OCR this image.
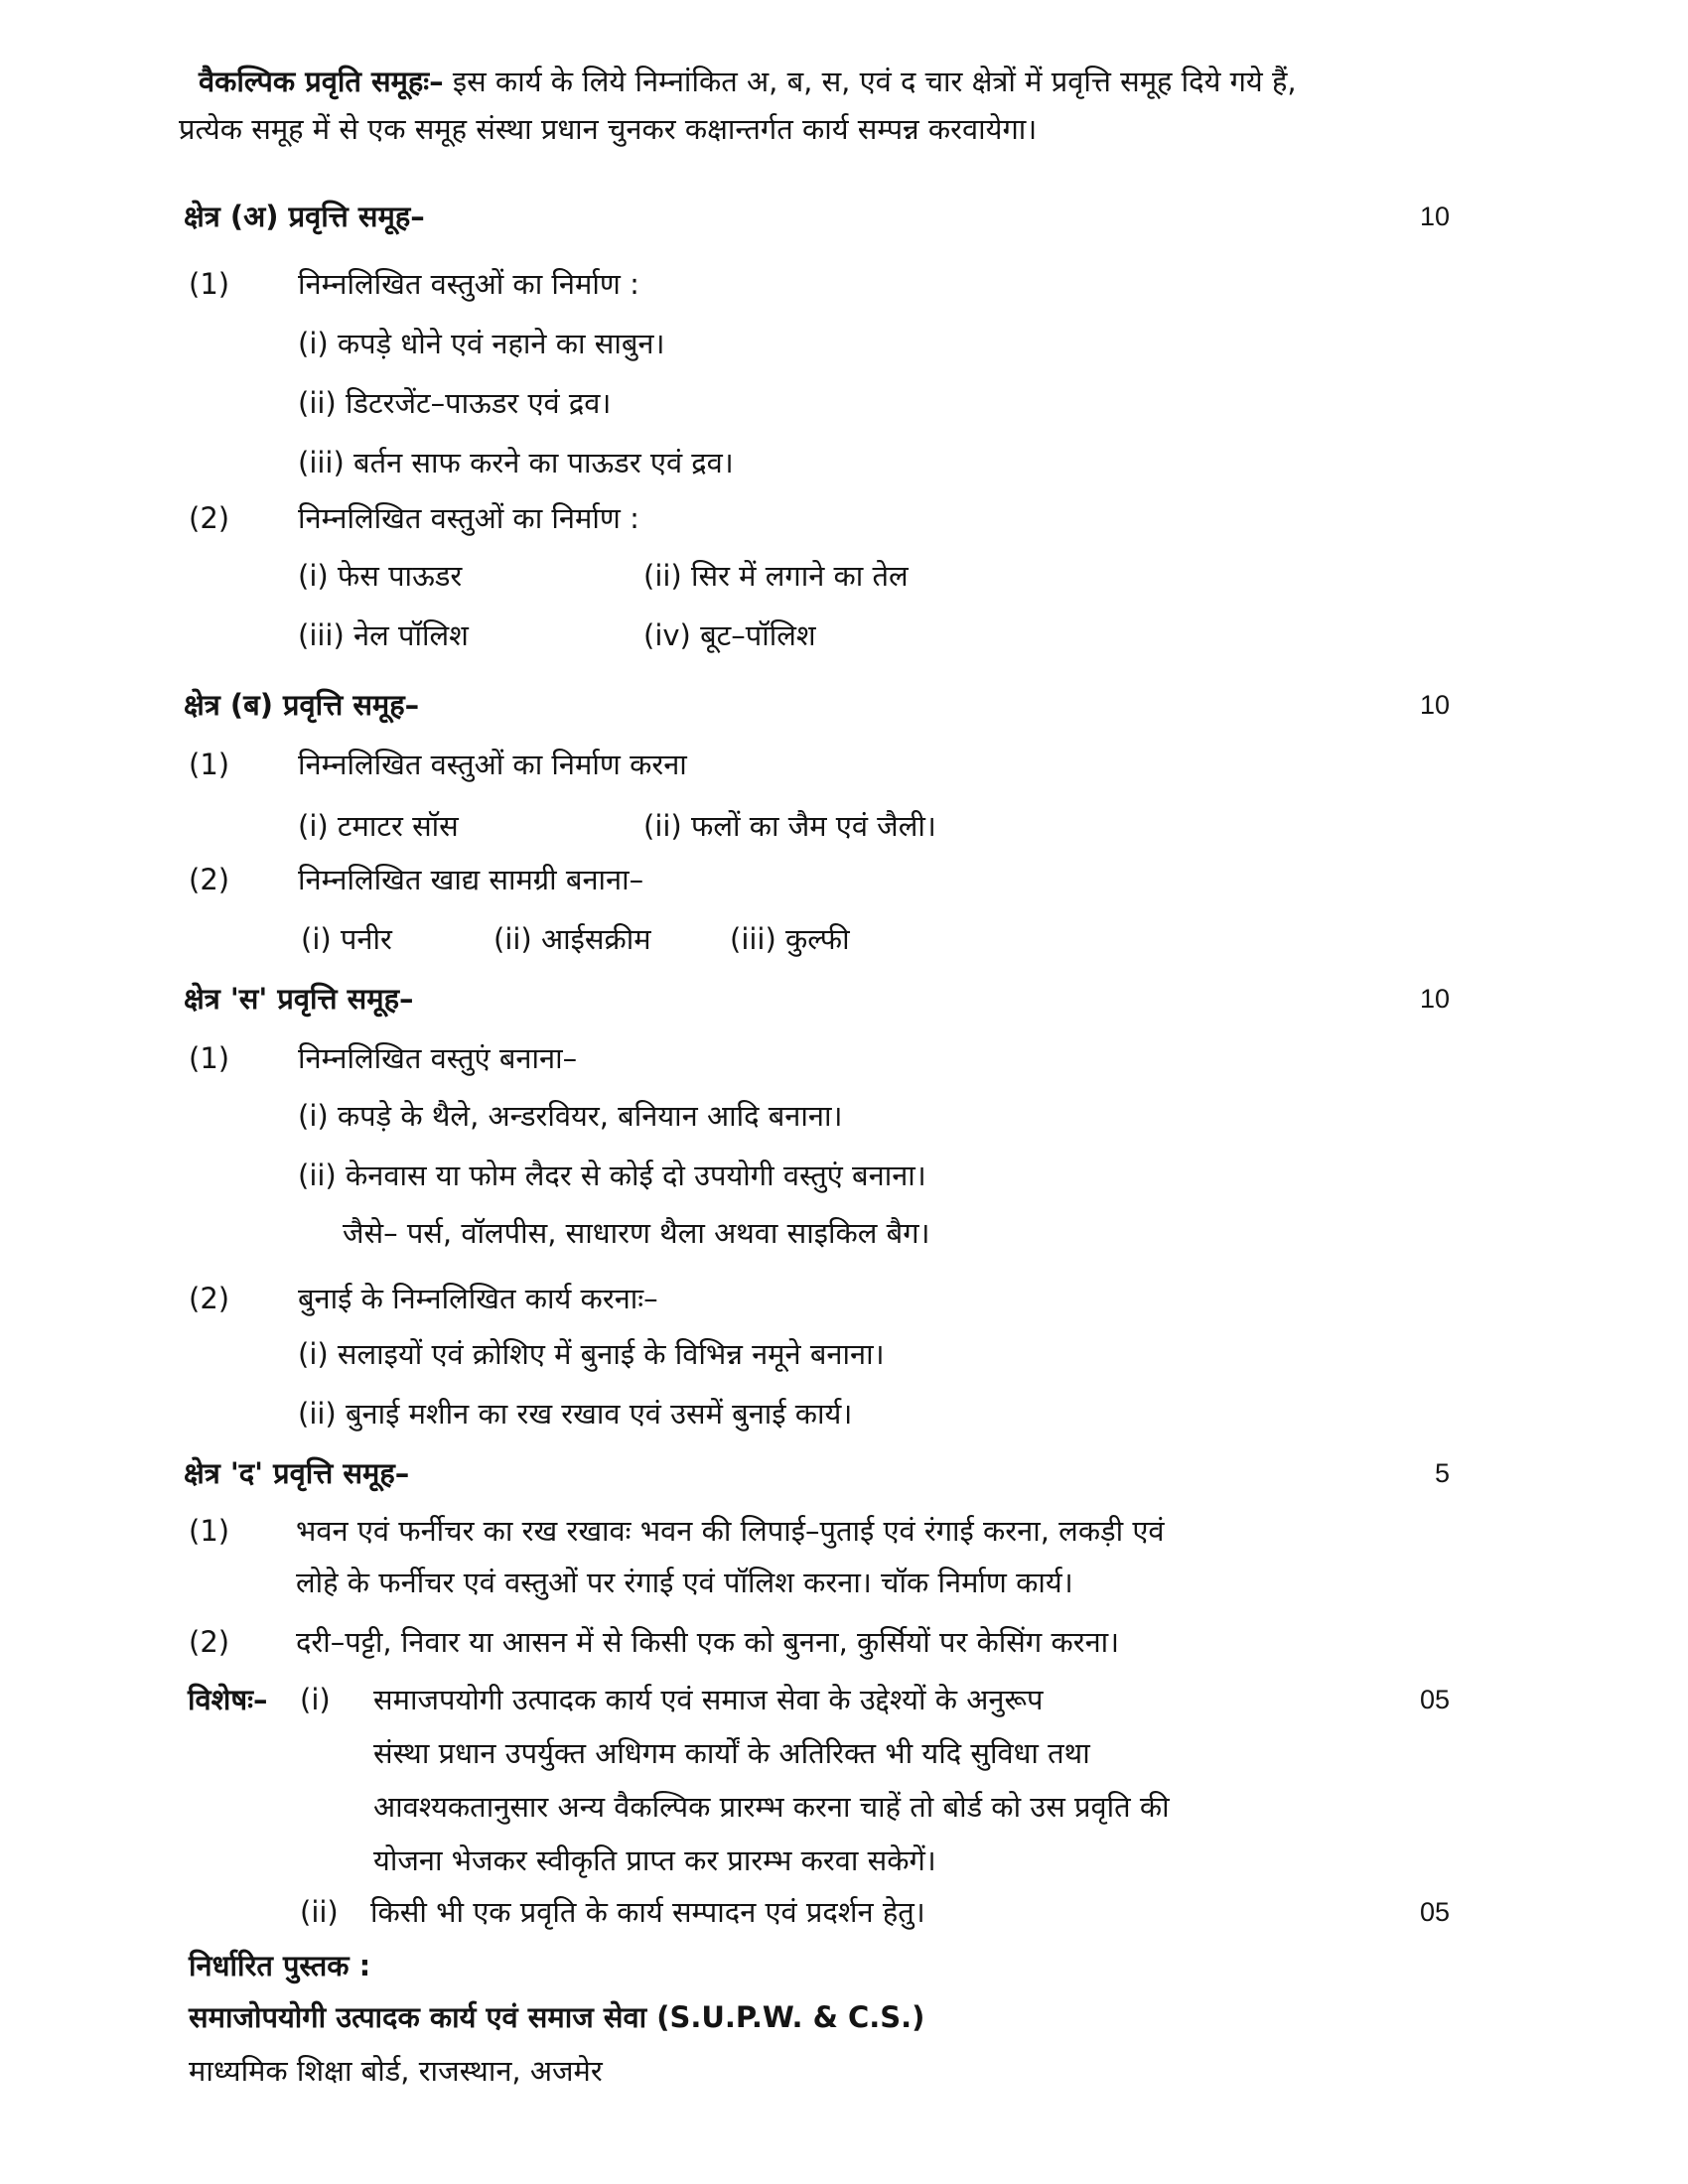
वैकल्पिक प्रवृति समूहः– इस कार्य के लिये निम्नांकित अ, ब, स, एवं द चार क्षेत्रों में प्रवृत्ति समूह दिये गये हैं,
प्रत्येक समूह में से एक समूह संस्था प्रधान चुनकर कक्षान्तर्गत कार्य सम्पन्न करवायेगा।
क्षेत्र (अ) प्रवृत्ति समूह–	10
(1) निम्नलिखित वस्तुओं का निर्माण :
(i) कपड़े धोने एवं नहाने का साबुन।
(ii) डिटरजेंट–पाऊडर एवं द्रव।
(iii) बर्तन साफ करने का पाऊडर एवं द्रव।
(2) निम्नलिखित वस्तुओं का निर्माण :
(i) फेस पाऊडर	(ii) सिर में लगाने का तेल
(iii) नेल पॉलिश	(iv) बूट–पॉलिश
क्षेत्र (ब) प्रवृत्ति समूह–	10
(1) निम्नलिखित वस्तुओं का निर्माण करना
(i) टमाटर सॉस	(ii) फलों का जैम एवं जैली।
(2) निम्नलिखित खाद्य सामग्री बनाना–
(i) पनीर	(ii) आईसक्रीम	(iii) कुल्फी
क्षेत्र 'स' प्रवृत्ति समूह–	10
(1) निम्नलिखित वस्तुएं बनाना–
(i) कपड़े के थैले, अन्डरवियर, बनियान आदि बनाना।
(ii) केनवास या फोम लैदर से कोई दो उपयोगी वस्तुएं बनाना।
जैसे– पर्स, वॉलपीस, साधारण थैला अथवा साइकिल बैग।
(2) बुनाई के निम्नलिखित कार्य करनाः–
(i) सलाइयों एवं क्रोशिए में बुनाई के विभिन्न नमूने बनाना।
(ii) बुनाई मशीन का रख रखाव एवं उसमें बुनाई कार्य।
क्षेत्र 'द' प्रवृत्ति समूह–	5
(1) भवन एवं फर्नीचर का रख रखावः भवन की लिपाई–पुताई एवं रंगाई करना, लकड़ी एवं
लोहे के फर्नीचर एवं वस्तुओं पर रंगाई एवं पॉलिश करना। चॉक निर्माण कार्य।
(2) दरी–पट्टी, निवार या आसन में से किसी एक को बुनना, कुर्सियों पर केसिंग करना।
विशेषः– (i) समाजपयोगी उत्पादक कार्य एवं समाज सेवा के उद्देश्यों के अनुरूप	05
संस्था प्रधान उपर्युक्त अधिगम कार्यों के अतिरिक्त भी यदि सुविधा तथा
आवश्यकतानुसार अन्य वैकल्पिक प्रारम्भ करना चाहें तो बोर्ड को उस प्रवृति की
योजना भेजकर स्वीकृति प्राप्त कर प्रारम्भ करवा सकेगें।
(ii) किसी भी एक प्रवृति के कार्य सम्पादन एवं प्रदर्शन हेतु।	05
निर्धारित पुस्तक :
समाजोपयोगी उत्पादक कार्य एवं समाज सेवा (S.U.P.W. & C.S.)
माध्यमिक शिक्षा बोर्ड, राजस्थान, अजमेर
